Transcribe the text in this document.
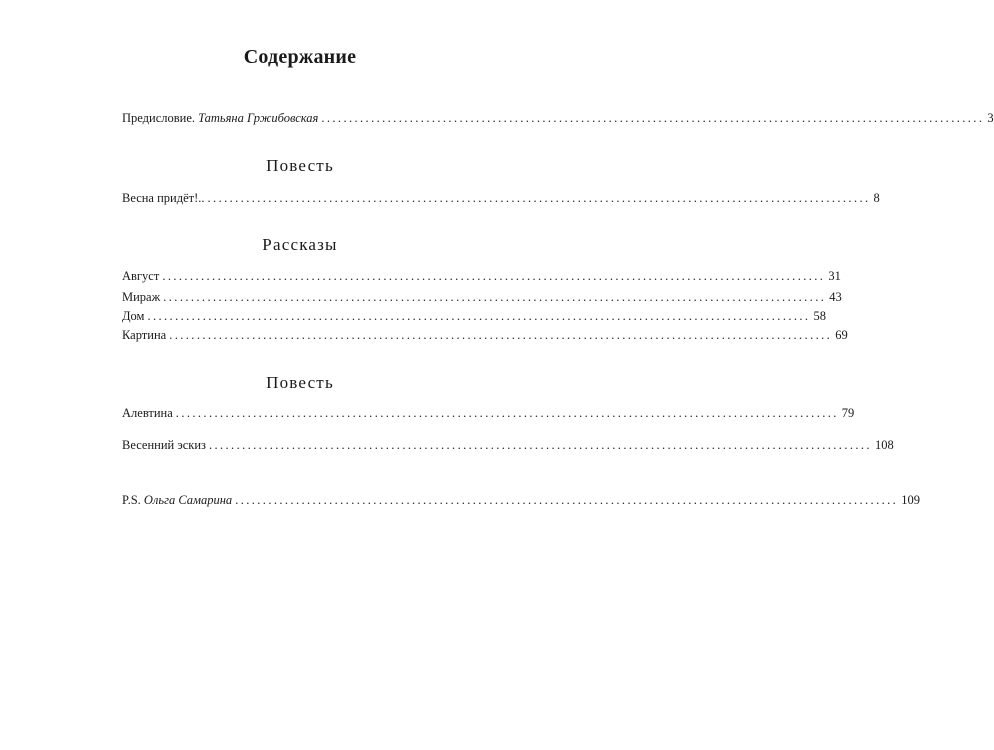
Содержание
Предисловие. Татьяна Гржибовская ........................................................................................................................ 3
Повесть
Весна придёт!.. ........................................................................................................................ 8
Рассказы
Август ........................................................................................................................ 31
Мираж ........................................................................................................................ 43
Дом ........................................................................................................................ 58
Картина ........................................................................................................................ 69
Повесть
Алевтина ........................................................................................................................ 79
Весенний эскиз ........................................................................................................................ 108
P.S. Ольга Самарина ........................................................................................................................ 109
